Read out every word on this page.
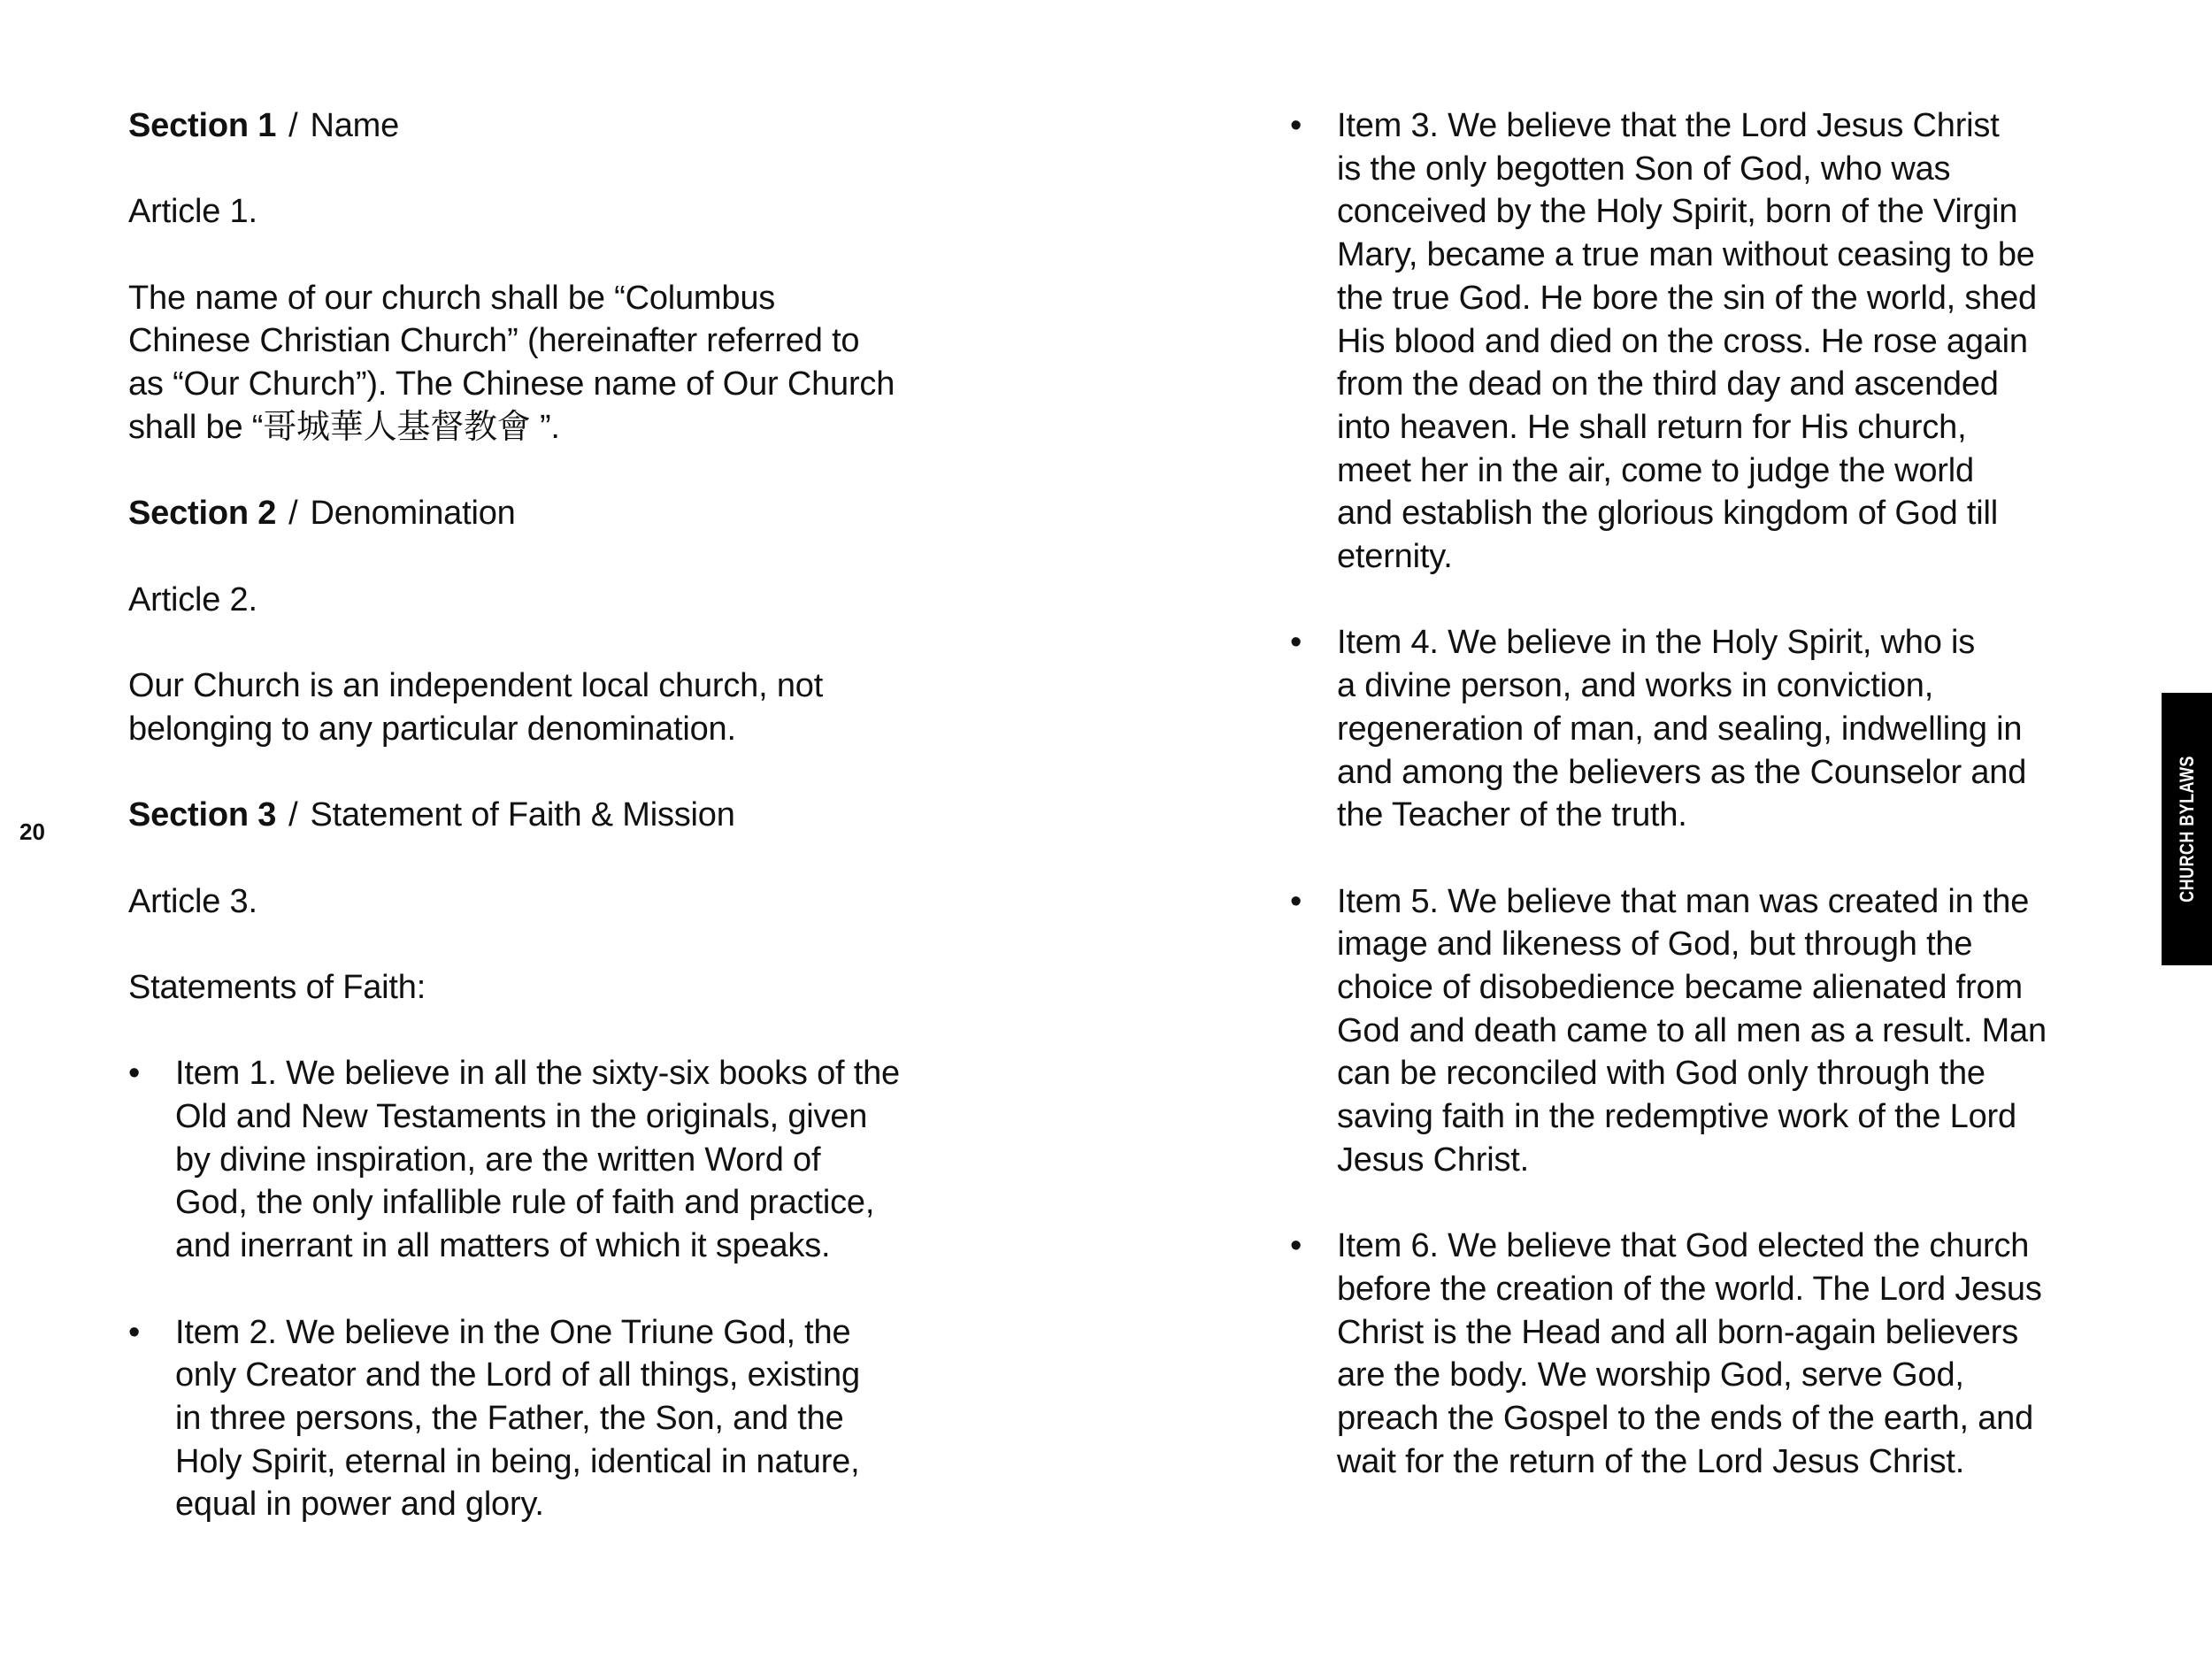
20
Section 1 / Name
Article 1.
The name of our church shall be “Columbus
Chinese Christian Church” (hereinafter referred to
as “Our Church”). The Chinese name of Our Church
shall be “哥城華人基督教會 ”.
Section 2 / Denomination
Article 2.
Our Church is an independent local church, not
belonging to any particular denomination.
Section 3 / Statement of Faith & Mission
Article 3.
Statements of Faith:
•	Item 1. We believe in all the sixty-six books of the
Old and New Testaments in the originals, given
by divine inspiration, are the written Word of
God, the only infallible rule of faith and practice,
and inerrant in all matters of which it speaks.
•	Item 2. We believe in the One Triune God, the
only Creator and the Lord of all things, existing
in three persons, the Father, the Son, and the
Holy Spirit, eternal in being, identical in nature,
equal in power and glory.
•	Item 3. We believe that the Lord Jesus Christ
is the only begotten Son of God, who was
conceived by the Holy Spirit, born of the Virgin
Mary, became a true man without ceasing to be
the true God. He bore the sin of the world, shed
His blood and died on the cross. He rose again
from the dead on the third day and ascended
into heaven. He shall return for His church,
meet her in the air, come to judge the world
and establish the glorious kingdom of God till
eternity.
•	Item 4. We believe in the Holy Spirit, who is
a divine person, and works in conviction,
regeneration of man, and sealing, indwelling in
and among the believers as the Counselor and
the Teacher of the truth.
•	Item 5. We believe that man was created in the
image and likeness of God, but through the
choice of disobedience became alienated from
God and death came to all men as a result. Man
can be reconciled with God only through the
saving faith in the redemptive work of the Lord
Jesus Christ.
•	Item 6. We believe that God elected the church
before the creation of the world. The Lord Jesus
Christ is the Head and all born-again believers
are the body. We worship God, serve God,
preach the Gospel to the ends of the earth, and
wait for the return of the Lord Jesus Christ.
CHURCH BYLAWS
